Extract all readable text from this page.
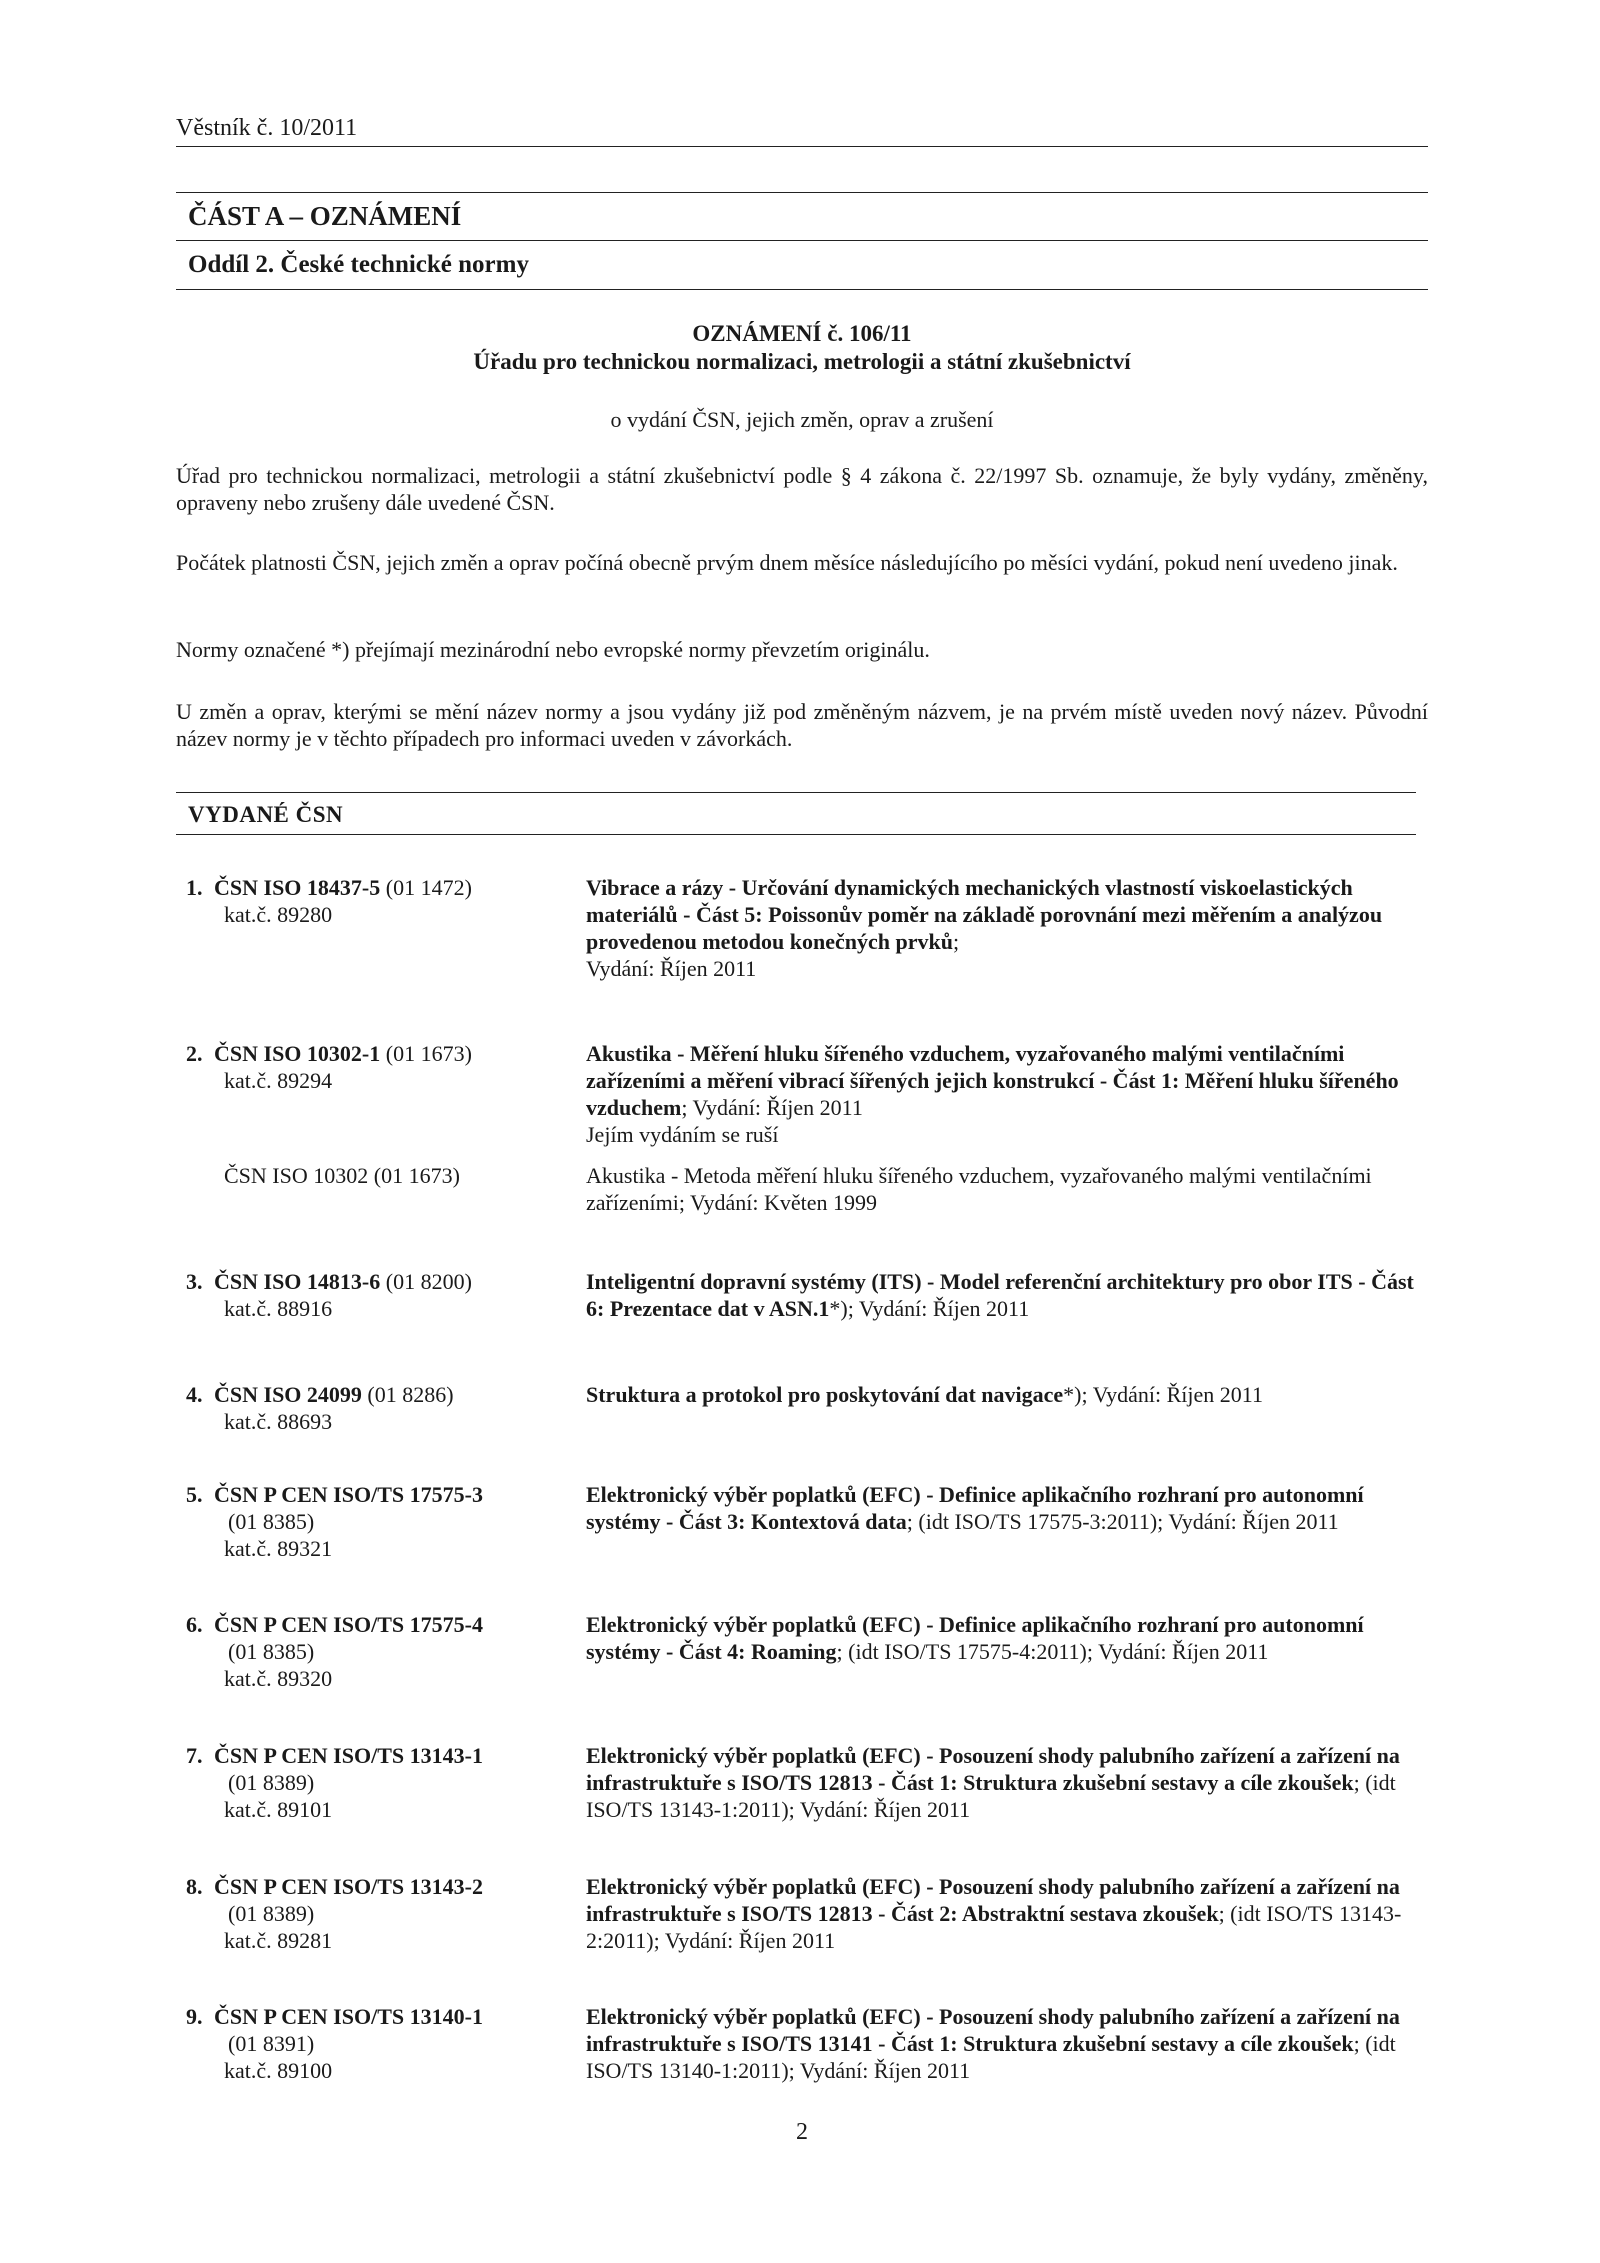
Věstník č. 10/2011
ČÁST A – OZNÁMENÍ
Oddíl 2. České technické normy
OZNÁMENÍ č. 106/11
Úřadu pro technickou normalizaci, metrologii a státní zkušebnictví
o vydání ČSN, jejich změn, oprav a zrušení
Úřad pro technickou normalizaci, metrologii a státní zkušebnictví podle § 4 zákona č. 22/1997 Sb. oznamuje, že byly vydány, změněny, opraveny nebo zrušeny dále uvedené ČSN.
Počátek platnosti ČSN, jejich změn a oprav počíná obecně prvým dnem měsíce následujícího po měsíci vydání, pokud není uvedeno jinak.
Normy označené *) přejímají mezinárodní nebo evropské normy převzetím originálu.
U změn a oprav, kterými se mění název normy a jsou vydány již pod změněným názvem, je na prvém místě uveden nový název. Původní název normy je v těchto případech pro informaci uveden v závorkách.
VYDANÉ ČSN
1. ČSN ISO 18437-5 (01 1472)
kat.č. 89280
Vibrace a rázy - Určování dynamických mechanických vlastností viskoelastických materiálů - Část 5: Poissonův poměr na základě porovnání mezi měřením a analýzou provedenou metodou konečných prvků;
Vydání: Říjen 2011
2. ČSN ISO 10302-1 (01 1673)
kat.č. 89294
Akustika - Měření hluku šířeného vzduchem, vyzařovaného malými ventilačními zařízeními a měření vibrací šířených jejich konstrukcí - Část 1: Měření hluku šířeného vzduchem; Vydání: Říjen 2011
Jejím vydáním se ruší
ČSN ISO 10302 (01 1673)	Akustika - Metoda měření hluku šířeného vzduchem, vyzařovaného malými ventilačními zařízeními; Vydání: Květen 1999
3. ČSN ISO 14813-6 (01 8200)
kat.č. 88916
Inteligentní dopravní systémy (ITS) - Model referenční architektury pro obor ITS - Část 6: Prezentace dat v ASN.1*); Vydání: Říjen 2011
4. ČSN ISO 24099 (01 8286)
kat.č. 88693
Struktura a protokol pro poskytování dat navigace*); Vydání: Říjen 2011
5. ČSN P CEN ISO/TS 17575-3
(01 8385)
kat.č. 89321
Elektronický výběr poplatků (EFC) - Definice aplikačního rozhraní pro autonomní systémy - Část 3: Kontextová data; (idt ISO/TS 17575-3:2011); Vydání: Říjen 2011
6. ČSN P CEN ISO/TS 17575-4
(01 8385)
kat.č. 89320
Elektronický výběr poplatků (EFC) - Definice aplikačního rozhraní pro autonomní systémy - Část 4: Roaming; (idt ISO/TS 17575-4:2011); Vydání: Říjen 2011
7. ČSN P CEN ISO/TS 13143-1
(01 8389)
kat.č. 89101
Elektronický výběr poplatků (EFC) - Posouzení shody palubního zařízení a zařízení na infrastruktuře s ISO/TS 12813 - Část 1: Struktura zkušební sestavy a cíle zkoušek; (idt ISO/TS 13143-1:2011); Vydání: Říjen 2011
8. ČSN P CEN ISO/TS 13143-2
(01 8389)
kat.č. 89281
Elektronický výběr poplatků (EFC) - Posouzení shody palubního zařízení a zařízení na infrastruktuře s ISO/TS 12813 - Část 2: Abstraktní sestava zkoušek; (idt ISO/TS 13143-2:2011); Vydání: Říjen 2011
9. ČSN P CEN ISO/TS 13140-1
(01 8391)
kat.č. 89100
Elektronický výběr poplatků (EFC) - Posouzení shody palubního zařízení a zařízení na infrastruktuře s ISO/TS 13141 - Část 1: Struktura zkušební sestavy a cíle zkoušek; (idt ISO/TS 13140-1:2011); Vydání: Říjen 2011
2
